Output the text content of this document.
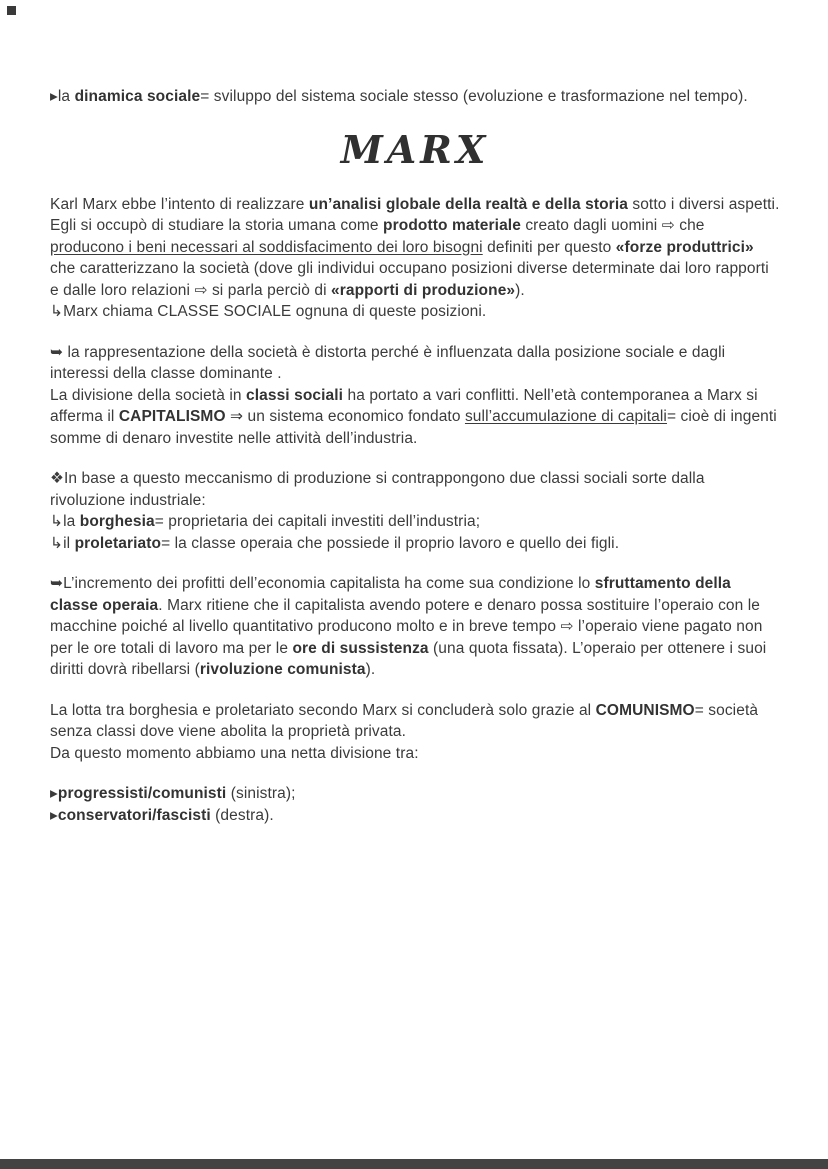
▸la dinamica sociale= sviluppo del sistema sociale stesso (evoluzione e trasformazione nel tempo).

MARX

Karl Marx ebbe l’intento di realizzare un’analisi globale della realtà e della storia sotto i diversi aspetti. Egli si occupò di studiare la storia umana come prodotto materiale creato dagli uomini ⇨ che producono i beni necessari al soddisfacimento dei loro bisogni definiti per questo «forze produttrici» che caratterizzano la società (dove gli individui occupano posizioni diverse determinate dai loro rapporti e dalle loro relazioni ⇨ si parla perciò di «rapporti di produzione»).
↳Marx chiama CLASSE SOCIALE ognuna di queste posizioni.

➥ la rappresentazione della società è distorta perché è influenzata dalla posizione sociale e dagli interessi della classe dominante .
La divisione della società in classi sociali ha portato a vari conflitti. Nell’età contemporanea a Marx si afferma il CAPITALISMO ⇒ un sistema economico fondato sull’accumulazione di capitali= cioè di ingenti somme di denaro investite nelle attività dell’industria.

❖In base a questo meccanismo di produzione si contrappongono due classi sociali sorte dalla rivoluzione industriale:
↳la borghesia= proprietaria dei capitali investiti dell’industria;
↳il proletariato= la classe operaia che possiede il proprio lavoro e quello dei figli.

➥L’incremento dei profitti dell’economia capitalista ha come sua condizione lo sfruttamento della classe operaia. Marx ritiene che il capitalista avendo potere e denaro possa sostituire l’operaio con le macchine poiché al livello quantitativo producono molto e in breve tempo ⇨ l’operaio viene pagato non per le ore totali di lavoro ma per le ore di sussistenza (una quota fissata). L’operaio per ottenere i suoi diritti dovrà ribellarsi (rivoluzione comunista).

La lotta tra borghesia e proletariato secondo Marx si concluderà solo grazie al COMUNISMO= società senza classi dove viene abolita la proprietà privata.
Da questo momento abbiamo una netta divisione tra:

▸progressisti/comunisti (sinistra);
▸conservatori/fascisti (destra).
